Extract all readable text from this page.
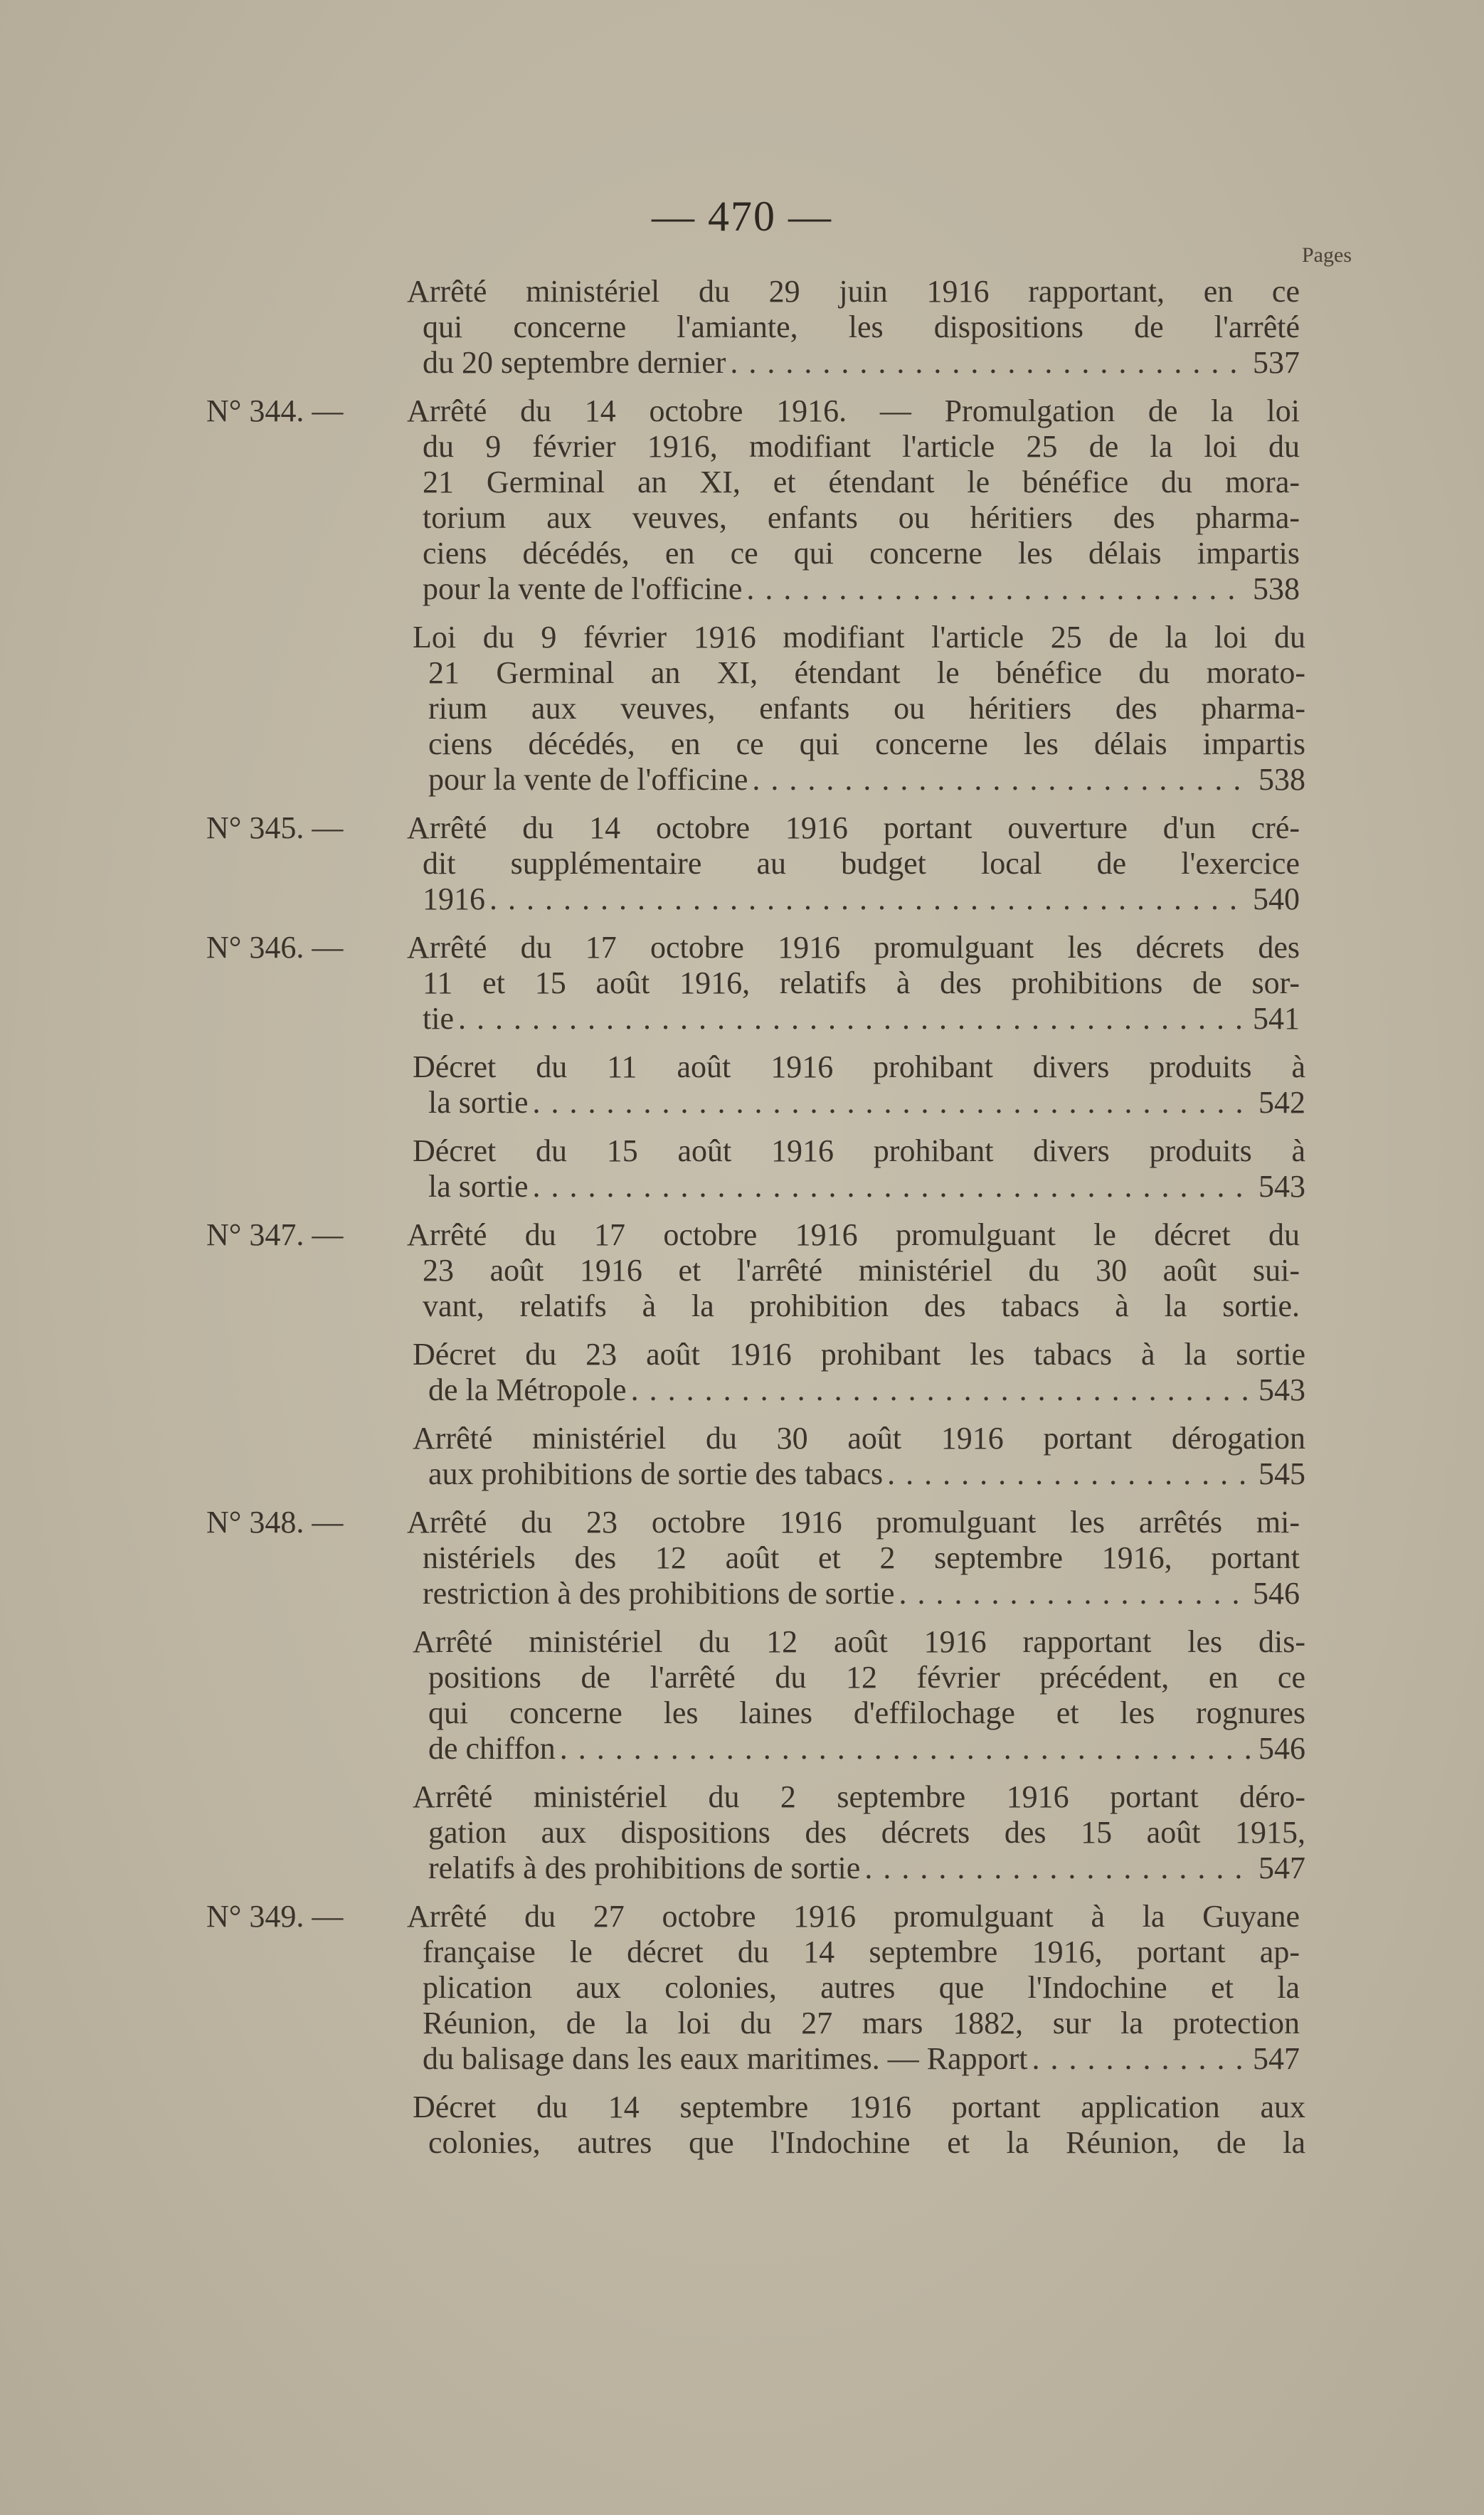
— 470 —
Pages
Arrêté ministériel du 29 juin 1916 rapportant, en ce
qui concerne l'amiante, les dispositions de l'arrêté
du 20 septembre dernier . . .	537
N° 344. — Arrêté du 14 octobre 1916. — Promulgation de la loi
du 9 février 1916, modifiant l'article 25 de la loi du
21 Germinal an XI, et étendant le bénéfice du mora-
torium aux veuves, enfants ou héritiers des pharma-
ciens décédés, en ce qui concerne les délais impartis
pour la vente de l'officine . . .	538
Loi du 9 février 1916 modifiant l'article 25 de la loi du
21 Germinal an XI, étendant le bénéfice du morato-
rium aux veuves, enfants ou héritiers des pharma-
ciens décédés, en ce qui concerne les délais impartis
pour la vente de l'officine . . .	538
N° 345. — Arrêté du 14 octobre 1916 portant ouverture d'un cré-
dit supplémentaire au budget local de l'exercice
1916 . . .	540
N° 346. — Arrêté du 17 octobre 1916 promulguant les décrets des
11 et 15 août 1916, relatifs à des prohibitions de sor-
tie . . .	541
Décret du 11 août 1916 prohibant divers produits à
la sortie . . .	542
Décret du 15 août 1916 prohibant divers produits à
la sortie . . .	543
N° 347. — Arrêté du 17 octobre 1916 promulguant le décret du
23 août 1916 et l'arrêté ministériel du 30 août sui-
vant, relatifs à la prohibition des tabacs à la sortie.
Décret du 23 août 1916 prohibant les tabacs à la sortie
de la Métropole . . .	543
Arrêté ministériel du 30 août 1916 portant dérogation
aux prohibitions de sortie des tabacs . . .	545
N° 348. — Arrêté du 23 octobre 1916 promulguant les arrêtés mi-
nistériels des 12 août et 2 septembre 1916, portant
restriction à des prohibitions de sortie . . .	546
Arrêté ministériel du 12 août 1916 rapportant les dis-
positions de l'arrêté du 12 février précédent, en ce
qui concerne les laines d'effilochage et les rognures
de chiffon . . .	546
Arrêté ministériel du 2 septembre 1916 portant déro-
gation aux dispositions des décrets des 15 août 1915,
relatifs à des prohibitions de sortie . . .	547
N° 349. — Arrêté du 27 octobre 1916 promulguant à la Guyane
française le décret du 14 septembre 1916, portant ap-
plication aux colonies, autres que l'Indochine et la
Réunion, de la loi du 27 mars 1882, sur la protection
du balisage dans les eaux maritimes. — Rapport . . .	547
Décret du 14 septembre 1916 portant application aux
colonies, autres que l'Indochine et la Réunion, de la
